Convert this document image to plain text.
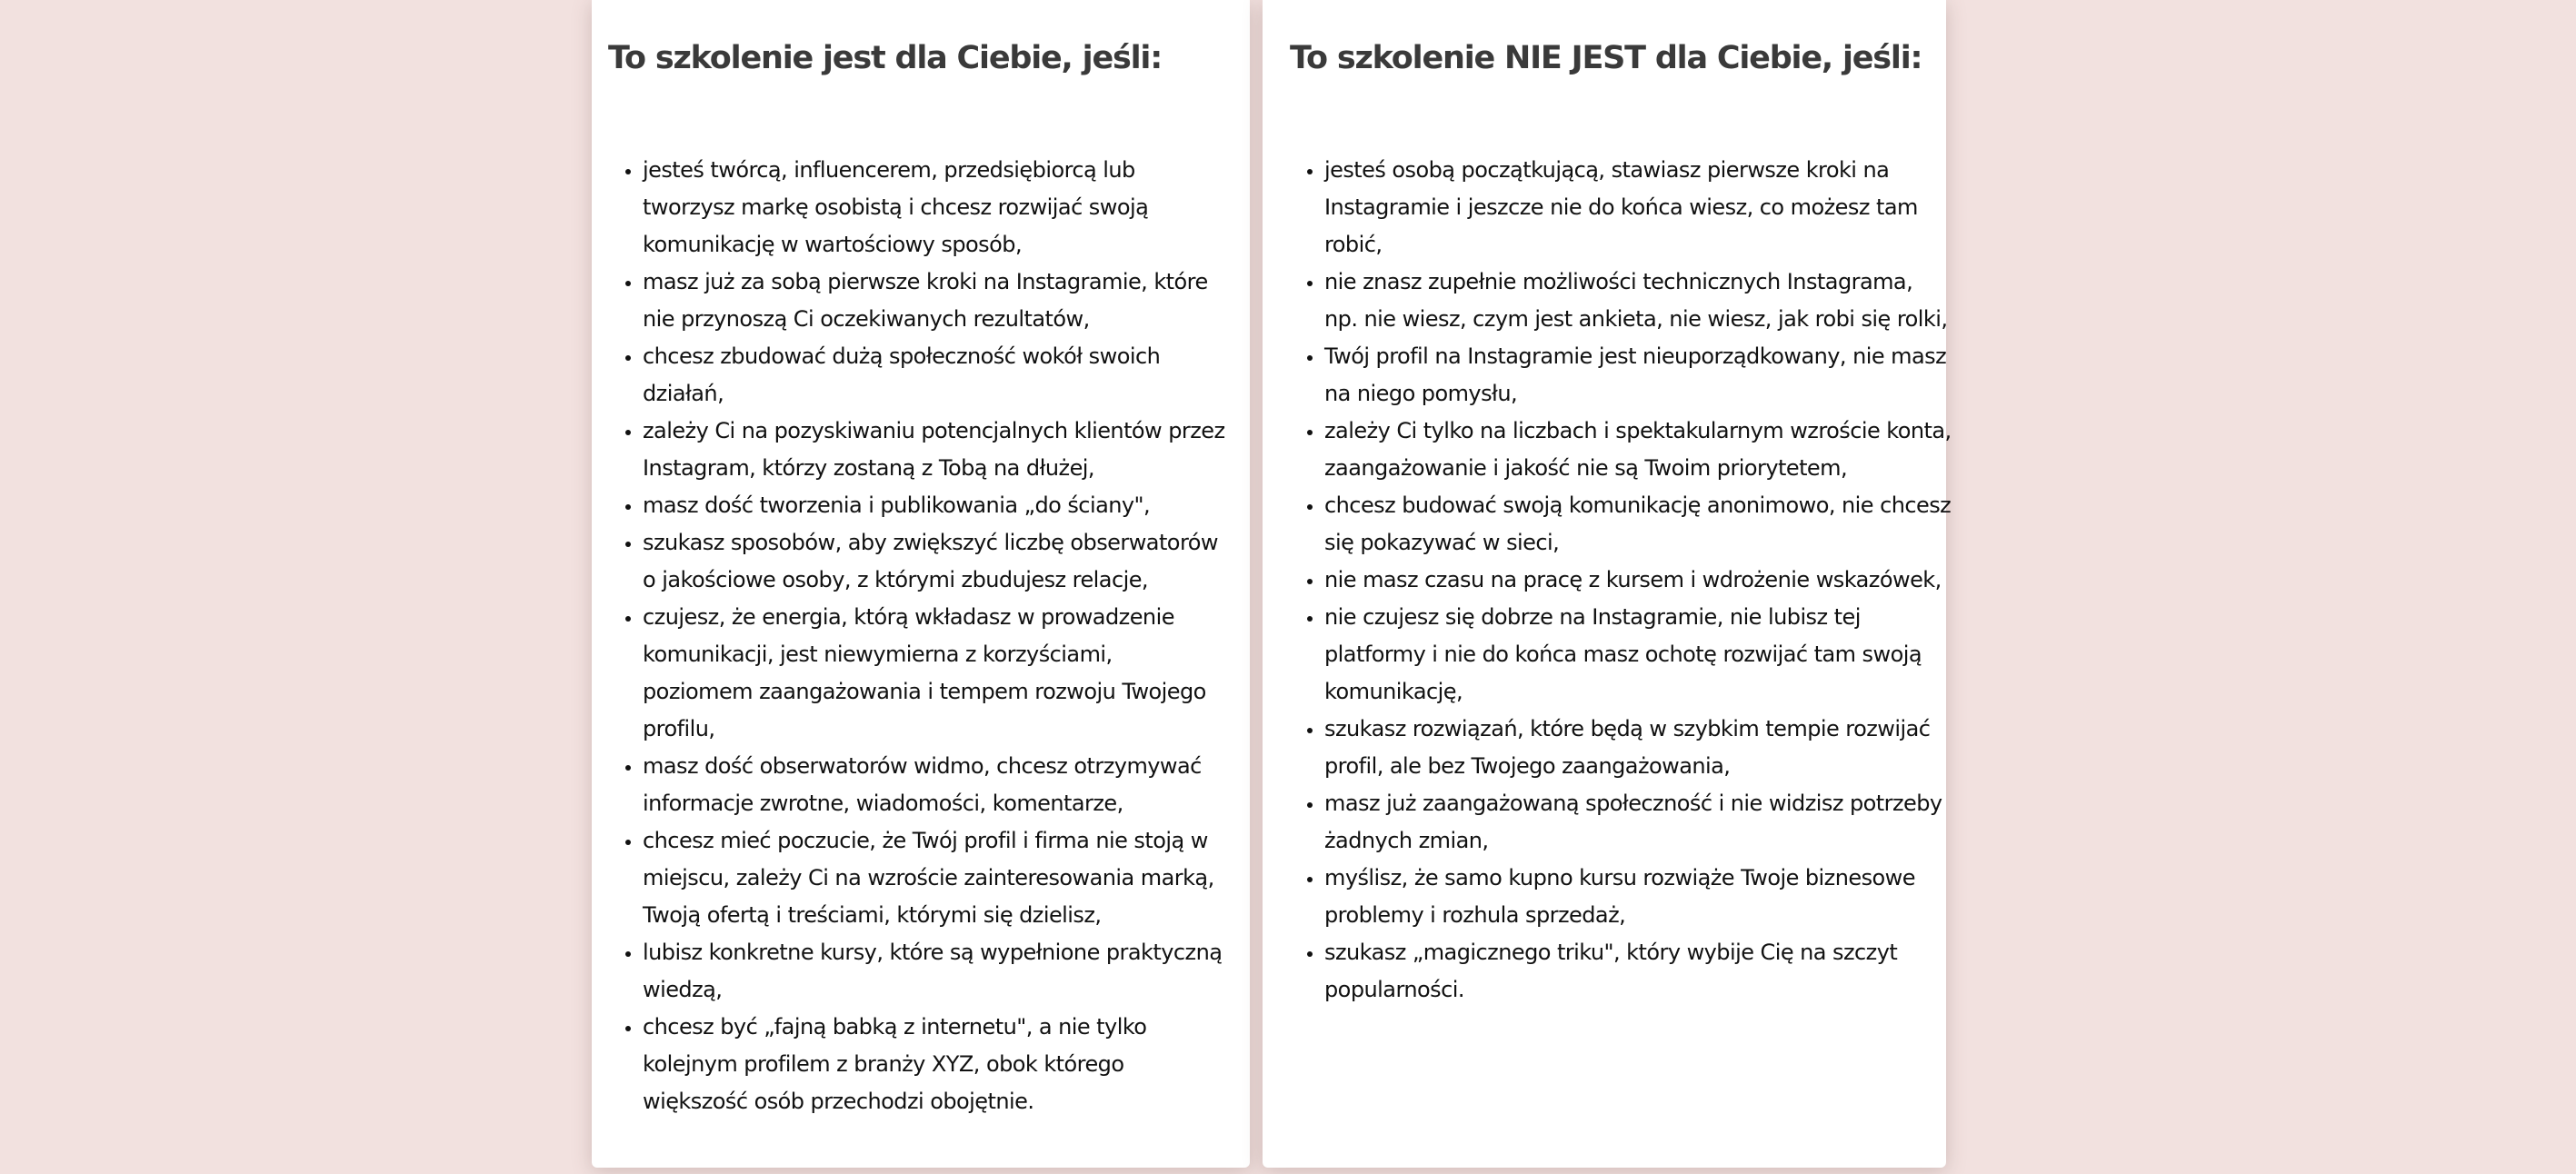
To szkolenie jest dla Ciebie, jeśli:
• jesteś twórcą, influencerem, przedsiębiorcą lub tworzysz markę osobistą i chcesz rozwijać swoją komunikację w wartościowy sposób,
• masz już za sobą pierwsze kroki na Instagramie, które nie przynoszą Ci oczekiwanych rezultatów,
• chcesz zbudować dużą społeczność wokół swoich działań,
• zależy Ci na pozyskiwaniu potencjalnych klientów przez Instagram, którzy zostaną z Tobą na dłużej,
• masz dość tworzenia i publikowania „do ściany",
• szukasz sposobów, aby zwiększyć liczbę obserwatorów o jakościowe osoby, z którymi zbudujesz relacje,
• czujesz, że energia, którą wkładasz w prowadzenie komunikacji, jest niewymierna z korzyściami, poziomem zaangażowania i tempem rozwoju Twojego profilu,
• masz dość obserwatorów widmo, chcesz otrzymywać informacje zwrotne, wiadomości, komentarze,
• chcesz mieć poczucie, że Twój profil i firma nie stoją w miejscu, zależy Ci na wzroście zainteresowania marką, Twoją ofertą i treściami, którymi się dzielisz,
• lubisz konkretne kursy, które są wypełnione praktyczną wiedzą,
• chcesz być „fajną babką z internetu", a nie tylko kolejnym profilem z branży XYZ, obok którego większość osób przechodzi obojętnie.
To szkolenie NIE JEST dla Ciebie, jeśli:
• jesteś osobą początkującą, stawiasz pierwsze kroki na Instagramie i jeszcze nie do końca wiesz, co możesz tam robić,
• nie znasz zupełnie możliwości technicznych Instagrama, np. nie wiesz, czym jest ankieta, nie wiesz, jak robi się rolki,
• Twój profil na Instagramie jest nieuporządkowany, nie masz na niego pomysłu,
• zależy Ci tylko na liczbach i spektakularnym wzroście konta, zaangażowanie i jakość nie są Twoim priorytetem,
• chcesz budować swoją komunikację anonimowo, nie chcesz się pokazywać w sieci,
• nie masz czasu na pracę z kursem i wdrożenie wskazówek,
• nie czujesz się dobrze na Instagramie, nie lubisz tej platformy i nie do końca masz ochotę rozwijać tam swoją komunikację,
• szukasz rozwiązań, które będą w szybkim tempie rozwijać profil, ale bez Twojego zaangażowania,
• masz już zaangażowaną społeczność i nie widzisz potrzeby żadnych zmian,
• myślisz, że samo kupno kursu rozwiąże Twoje biznesowe problemy i rozhula sprzedaż,
• szukasz „magicznego triku", który wybije Cię na szczyt popularności.
